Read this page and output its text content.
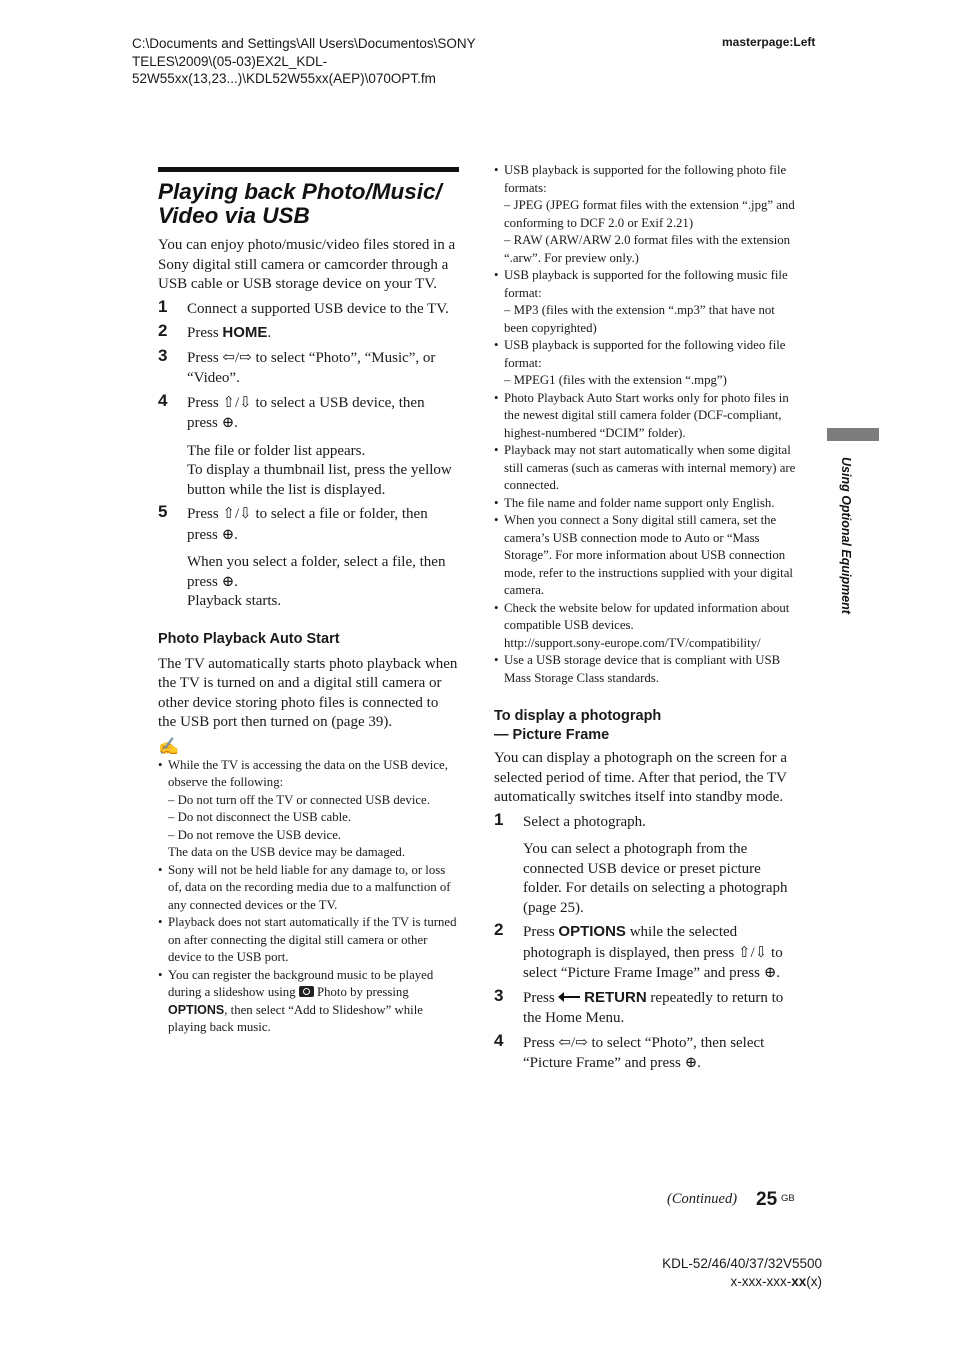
C:\Documents and Settings\All Users\Documentos\SONY TELES\2009\(05-03)EX2L_KDL-52W55xx(13,23...)\KDL52W55xx(AEP)\070OPT.fm
masterpage:Left
Playing back Photo/Music/ Video via USB

You can enjoy photo/music/video files stored in a Sony digital still camera or camcorder through a USB cable or USB storage device on your TV.

1 Connect a supported USB device to the TV.
2 Press HOME.
3 Press ⇦/⇨ to select “Photo”, “Music”, or “Video”.
4 Press ⇧/⇩ to select a USB device, then press ⊕.
The file or folder list appears.
To display a thumbnail list, press the yellow button while the list is displayed.
5 Press ⇧/⇩ to select a file or folder, then press ⊕.
When you select a folder, select a file, then press ⊕.
Playback starts.
Photo Playback Auto Start

The TV automatically starts photo playback when the TV is turned on and a digital still camera or other device storing photo files is connected to the USB port then turned on (page 39).

✍
• While the TV is accessing the data on the USB device, observe the following:
– Do not turn off the TV or connected USB device.
– Do not disconnect the USB cable.
– Do not remove the USB device.
The data on the USB device may be damaged.
• Sony will not be held liable for any damage to, or loss of, data on the recording media due to a malfunction of any connected devices or the TV.
• Playback does not start automatically if the TV is turned on after connecting the digital still camera or other device to the USB port.
• You can register the background music to be played during a slideshow using  Photo by pressing OPTIONS, then select “Add to Slideshow” while playing back music.
• USB playback is supported for the following photo file formats:
– JPEG (JPEG format files with the extension “.jpg” and conforming to DCF 2.0 or Exif 2.21)
– RAW (ARW/ARW 2.0 format files with the extension “.arw”. For preview only.)
• USB playback is supported for the following music file format:
– MP3 (files with the extension “.mp3” that have not been copyrighted)
• USB playback is supported for the following video file format:
– MPEG1 (files with the extension “.mpg”)
• Photo Playback Auto Start works only for photo files in the newest digital still camera folder (DCF-compliant, highest-numbered “DCIM” folder).
• Playback may not start automatically when some digital still cameras (such as cameras with internal memory) are connected.
• The file name and folder name support only English.
• When you connect a Sony digital still camera, set the camera’s USB connection mode to Auto or “Mass Storage”. For more information about USB connection mode, refer to the instructions supplied with your digital camera.
• Check the website below for updated information about compatible USB devices.
http://support.sony-europe.com/TV/compatibility/
• Use a USB storage device that is compliant with USB Mass Storage Class standards.
To display a photograph
— Picture Frame

You can display a photograph on the screen for a selected period of time. After that period, the TV automatically switches itself into standby mode.

1 Select a photograph.
You can select a photograph from the connected USB device or preset picture folder. For details on selecting a photograph (page 25).
2 Press OPTIONS while the selected photograph is displayed, then press ⇧/⇩ to select “Picture Frame Image” and press ⊕.
3 Press  RETURN repeatedly to return to the Home Menu.
4 Press ⇦/⇨ to select “Photo”, then select “Picture Frame” and press ⊕.
Using Optional Equipment
(Continued) 25 GB
KDL-52/46/40/37/32V5500
x-xxx-xxx-xx(x)
